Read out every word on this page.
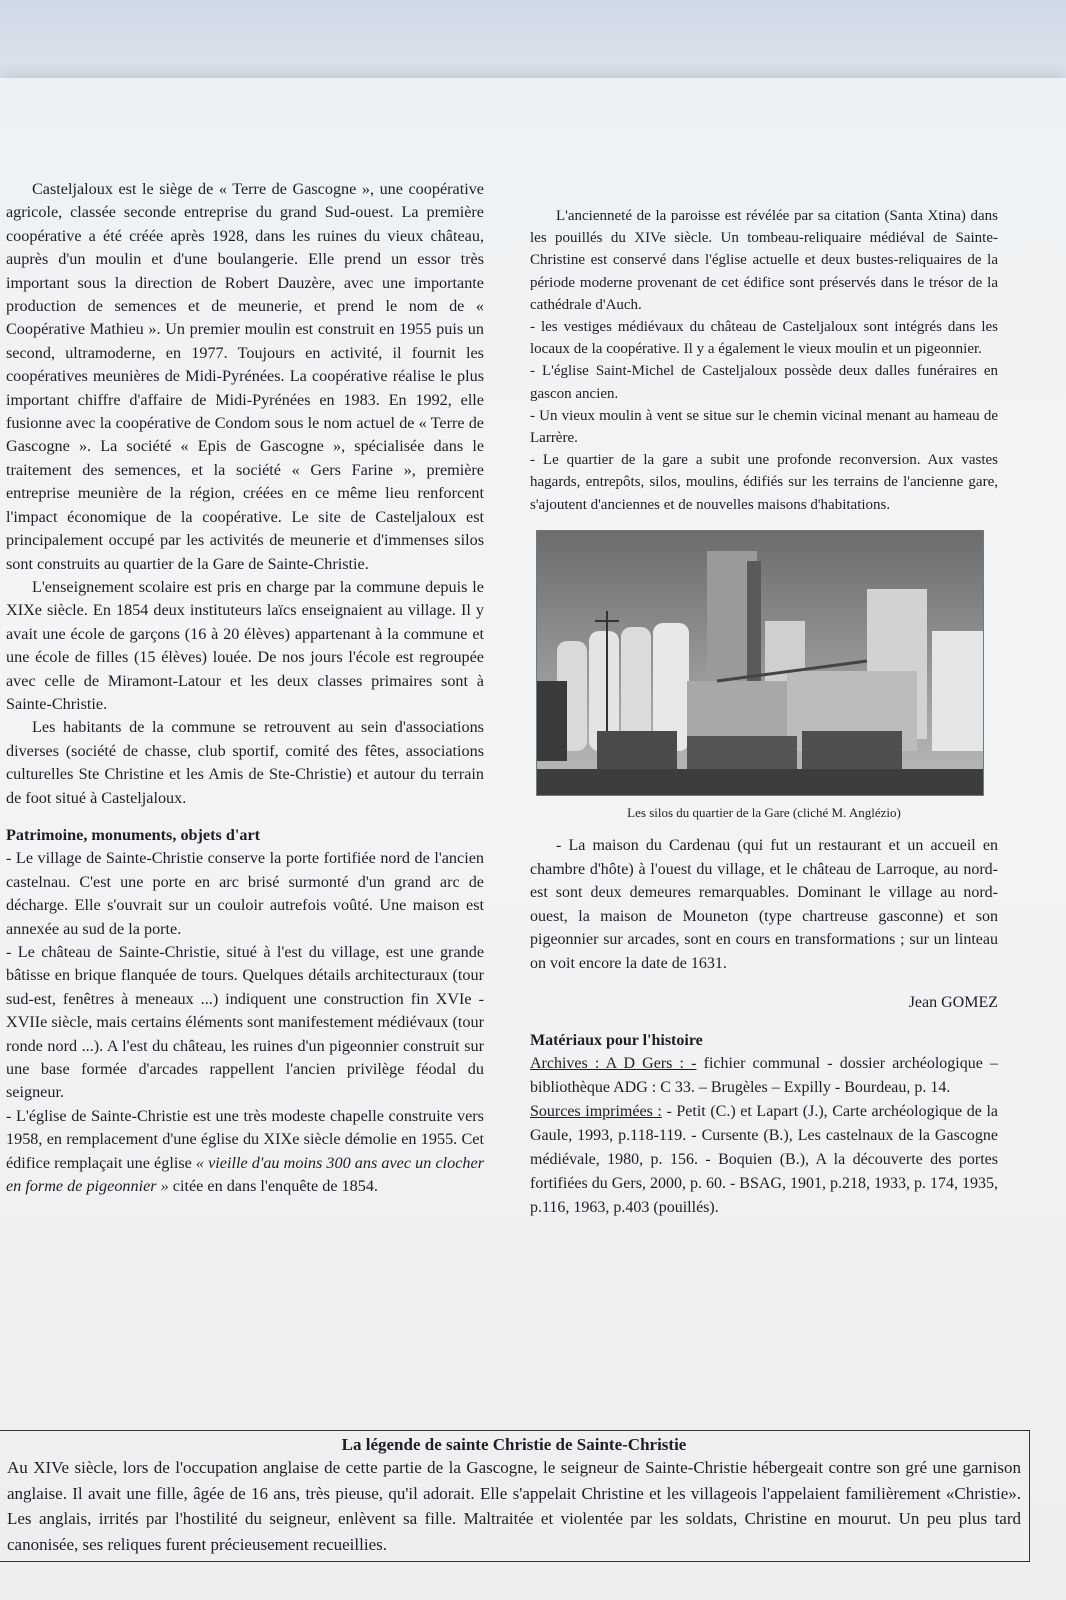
Casteljaloux est le siège de « Terre de Gascogne », une coopérative agricole, classée seconde entreprise du grand Sud-ouest. La première coopérative a été créée après 1928, dans les ruines du vieux château, auprès d'un moulin et d'une boulangerie. Elle prend un essor très important sous la direction de Robert Dauzère, avec une importante production de semences et de meunerie, et prend le nom de « Coopérative Mathieu ». Un premier moulin est construit en 1955 puis un second, ultramoderne, en 1977. Toujours en activité, il fournit les coopératives meunières de Midi-Pyrénées. La coopérative réalise le plus important chiffre d'affaire de Midi-Pyrénées en 1983. En 1992, elle fusionne avec la coopérative de Condom sous le nom actuel de « Terre de Gascogne ». La société « Epis de Gascogne », spécialisée dans le traitement des semences, et la société « Gers Farine », première entreprise meunière de la région, créées en ce même lieu renforcent l'impact économique de la coopérative. Le site de Casteljaloux est principalement occupé par les activités de meunerie et d'immenses silos sont construits au quartier de la Gare de Sainte-Christie.

L'enseignement scolaire est pris en charge par la commune depuis le XIXe siècle. En 1854 deux instituteurs laïcs enseignaient au village. Il y avait une école de garçons (16 à 20 élèves) appartenant à la commune et une école de filles (15 élèves) louée. De nos jours l'école est regroupée avec celle de Miramont-Latour et les deux classes primaires sont à Sainte-Christie.

Les habitants de la commune se retrouvent au sein d'associations diverses (société de chasse, club sportif, comité des fêtes, associations culturelles Ste Christine et les Amis de Ste-Christie) et autour du terrain de foot situé à Casteljaloux.

Patrimoine, monuments, objets d'art

- Le village de Sainte-Christie conserve la porte fortifiée nord de l'ancien castelnau. C'est une porte en arc brisé surmonté d'un grand arc de décharge. Elle s'ouvrait sur un couloir autrefois voûté. Une maison est annexée au sud de la porte.

- Le château de Sainte-Christie, situé à l'est du village, est une grande bâtisse en brique flanquée de tours. Quelques détails architecturaux (tour sud-est, fenêtres à meneaux ...) indiquent une construction fin XVIe -XVIIe siècle, mais certains éléments sont manifestement médiévaux (tour ronde nord ...). A l'est du château, les ruines d'un pigeonnier construit sur une base formée d'arcades rappellent l'ancien privilège féodal du seigneur.

- L'église de Sainte-Christie est une très modeste chapelle construite vers 1958, en remplacement d'une église du XIXe siècle démolie en 1955. Cet édifice remplaçait une église « vieille d'au moins 300 ans avec un clocher en forme de pigeonnier » citée en dans l'enquête de 1854.

L'ancienneté de la paroisse est révélée par sa citation (Santa Xtina) dans les pouillés du XIVe siècle. Un tombeau-reliquaire médiéval de Sainte-Christine est conservé dans l'église actuelle et deux bustes-reliquaires de la période moderne provenant de cet édifice sont préservés dans le trésor de la cathédrale d'Auch.

- les vestiges médiévaux du château de Casteljaloux sont intégrés dans les locaux de la coopérative. Il y a également le vieux moulin et un pigeonnier.

- L'église Saint-Michel de Casteljaloux possède deux dalles funéraires en gascon ancien.

- Un vieux moulin à vent se situe sur le chemin vicinal menant au hameau de Larrère.

- Le quartier de la gare a subit une profonde reconversion. Aux vastes hagards, entrepôts, silos, moulins, édifiés sur les terrains de l'ancienne gare, s'ajoutent d'anciennes et de nouvelles maisons d'habitations.

Les silos du quartier de la Gare (cliché M. Anglézio)

- La maison du Cardenau (qui fut un restaurant et un accueil en chambre d'hôte) à l'ouest du village, et le château de Larroque, au nord-est sont deux demeures remarquables. Dominant le village au nord-ouest, la maison de Mouneton (type chartreuse gasconne) et son pigeonnier sur arcades, sont en cours en transformations ; sur un linteau on voit encore la date de 1631.

Jean GOMEZ

Matériaux pour l'histoire

Archives : A D Gers : - fichier communal - dossier archéologique – bibliothèque ADG : C 33. – Brugèles – Expilly - Bourdeau, p. 14.

Sources imprimées : - Petit (C.) et Lapart (J.), Carte archéologique de la Gaule, 1993, p.118-119. - Cursente (B.), Les castelnaux de la Gascogne médiévale, 1980, p. 156. - Boquien (B.), A la découverte des portes fortifiées du Gers, 2000, p. 60. - BSAG, 1901, p.218, 1933, p. 174, 1935, p.116, 1963, p.403 (pouillés).

La légende de sainte Christie de Sainte-Christie

Au XIVe siècle, lors de l'occupation anglaise de cette partie de la Gascogne, le seigneur de Sainte-Christie hébergeait contre son gré une garnison anglaise. Il avait une fille, âgée de 16 ans, très pieuse, qu'il adorait. Elle s'appelait Christine et les villageois l'appelaient familièrement «Christie». Les anglais, irrités par l'hostilité du seigneur, enlèvent sa fille. Maltraitée et violentée par les soldats, Christine en mourut. Un peu plus tard canonisée, ses reliques furent précieusement recueillies.
